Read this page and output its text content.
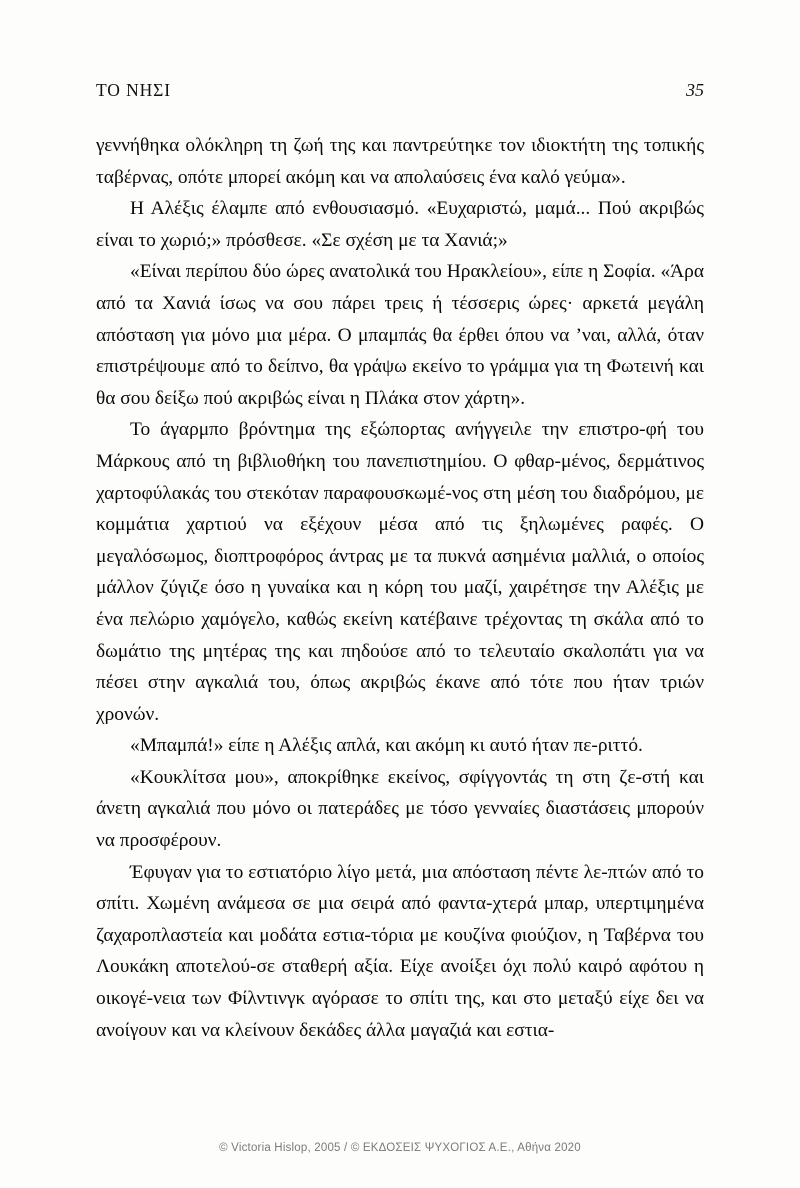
ΤΟ ΝΗΣΙ	35

γεννήθηκα ολόκληρη τη ζωή της και παντρεύτηκε τον ιδιοκτήτη της τοπικής ταβέρνας, οπότε μπορεί ακόμη και να απολαύσεις ένα καλό γεύμα».

Η Αλέξις έλαμπε από ενθουσιασμό. «Ευχαριστώ, μαμά... Πού ακριβώς είναι το χωριό;» πρόσθεσε. «Σε σχέση με τα Χανιά;»

«Είναι περίπου δύο ώρες ανατολικά του Ηρακλείου», είπε η Σοφία. «Άρα από τα Χανιά ίσως να σου πάρει τρεις ή τέσσερις ώρες· αρκετά μεγάλη απόσταση για μόνο μια μέρα. Ο μπαμπάς θα έρθει όπου να ’ναι, αλλά, όταν επιστρέψουμε από το δείπνο, θα γράψω εκείνο το γράμμα για τη Φωτεινή και θα σου δείξω πού ακριβώς είναι η Πλάκα στον χάρτη».

Το άγαρμπο βρόντημα της εξώπορτας ανήγγειλε την επιστρο-φή του Μάρκους από τη βιβλιοθήκη του πανεπιστημίου. Ο φθαρ-μένος, δερμάτινος χαρτοφύλακάς του στεκόταν παραφουσκωμέ-νος στη μέση του διαδρόμου, με κομμάτια χαρτιού να εξέχουν μέσα από τις ξηλωμένες ραφές. Ο μεγαλόσωμος, διοπτροφόρος άντρας με τα πυκνά ασημένια μαλλιά, ο οποίος μάλλον ζύγιζε όσο η γυναίκα και η κόρη του μαζί, χαιρέτησε την Αλέξις με ένα πελώριο χαμόγελο, καθώς εκείνη κατέβαινε τρέχοντας τη σκάλα από το δωμάτιο της μητέρας της και πηδούσε από το τελευταίο σκαλοπάτι για να πέσει στην αγκαλιά του, όπως ακριβώς έκανε από τότε που ήταν τριών χρονών.

«Μπαμπά!» είπε η Αλέξις απλά, και ακόμη κι αυτό ήταν πε-ριττό.

«Κουκλίτσα μου», αποκρίθηκε εκείνος, σφίγγοντάς τη στη ζε-στή και άνετη αγκαλιά που μόνο οι πατεράδες με τόσο γενναίες διαστάσεις μπορούν να προσφέρουν.

Έφυγαν για το εστιατόριο λίγο μετά, μια απόσταση πέντε λε-πτών από το σπίτι. Χωμένη ανάμεσα σε μια σειρά από φαντα-χτερά μπαρ, υπερτιμημένα ζαχαροπλαστεία και μοδάτα εστια-τόρια με κουζίνα φιούζιον, η Ταβέρνα του Λουκάκη αποτελού-σε σταθερή αξία. Είχε ανοίξει όχι πολύ καιρό αφότου η οικογέ-νεια των Φίλντινγκ αγόρασε το σπίτι της, και στο μεταξύ είχε δει να ανοίγουν και να κλείνουν δεκάδες άλλα μαγαζιά και εστια-

© Victoria Hislop, 2005 / © ΕΚΔΟΣΕΙΣ ΨΥΧΟΓΙΟΣ Α.Ε., Αθήνα 2020
